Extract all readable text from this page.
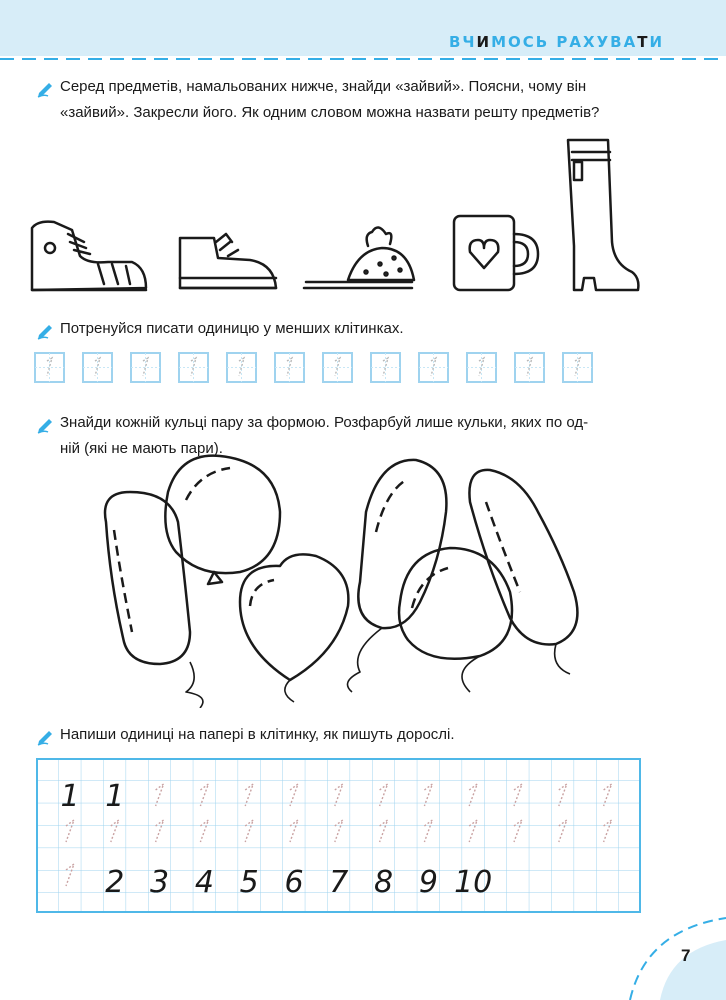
ВЧИМОСЬ РАХУВАТИ
Серед предметів, намальованих нижче, знайди «зайвий». Поясни, чому він
«зайвий». Закресли його. Як одним словом можна назвати решту предметів?
Потренуйся писати одиницю у менших клітинках.
Знайди кожній кульці пару за формою. Розфарбуй лише кульки, яких по од-
ній (які не мають пари).
Напиши одиниці на папері в клітинку, як пишуть дорослі.
1 1
2 3 4 5 6 7 8 9 10
7
